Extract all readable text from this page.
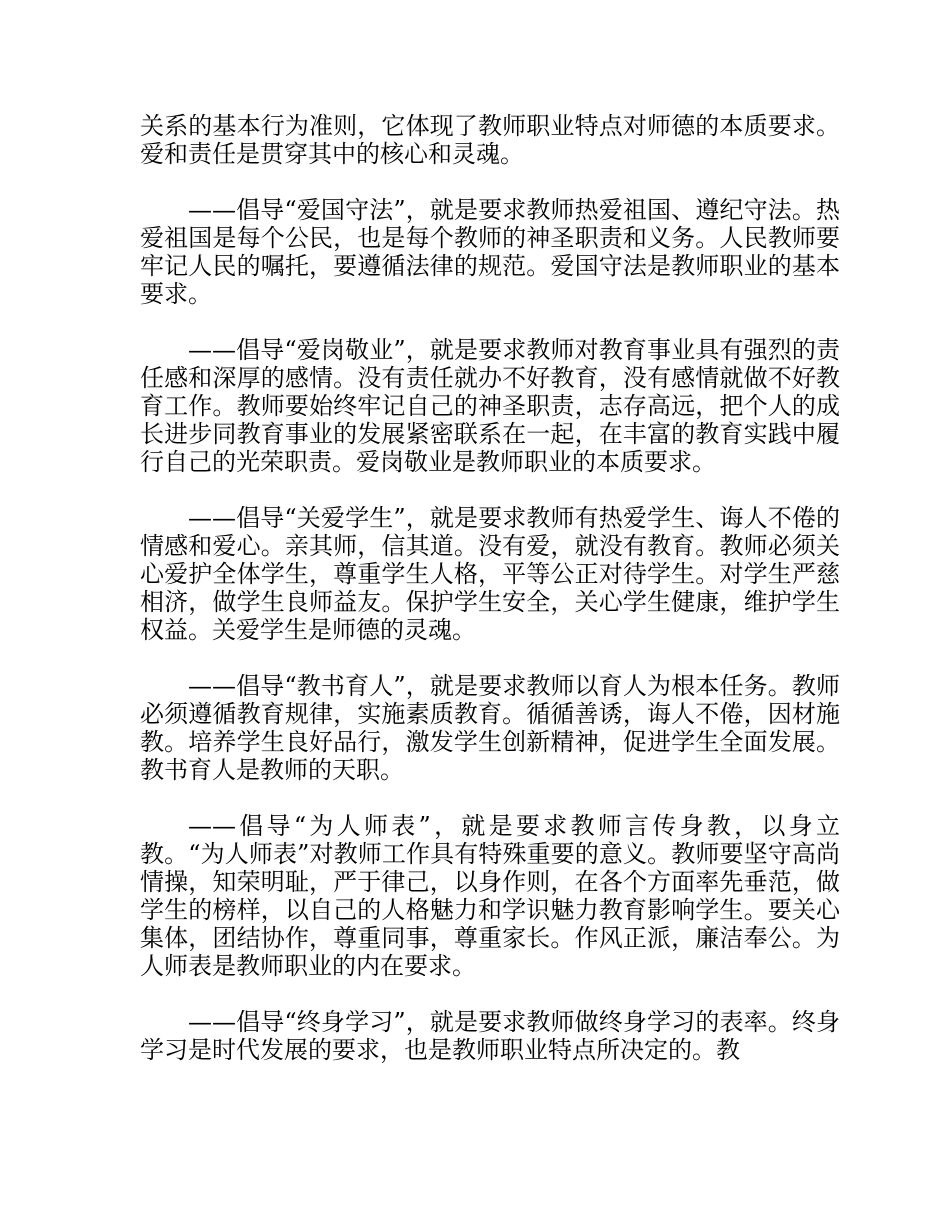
关系的基本行为准则，它体现了教师职业特点对师德的本质要求。爱和责任是贯穿其中的核心和灵魂。

——倡导“爱国守法”，就是要求教师热爱祖国、遵纪守法。热爱祖国是每个公民，也是每个教师的神圣职责和义务。人民教师要牢记人民的嘱托，要遵循法律的规范。爱国守法是教师职业的基本要求。

——倡导“爱岗敬业”，就是要求教师对教育事业具有强烈的责任感和深厚的感情。没有责任就办不好教育，没有感情就做不好教育工作。教师要始终牢记自己的神圣职责，志存高远，把个人的成长进步同教育事业的发展紧密联系在一起，在丰富的教育实践中履行自己的光荣职责。爱岗敬业是教师职业的本质要求。

——倡导“关爱学生”，就是要求教师有热爱学生、诲人不倦的情感和爱心。亲其师，信其道。没有爱，就没有教育。教师必须关心爱护全体学生，尊重学生人格，平等公正对待学生。对学生严慈相济，做学生良师益友。保护学生安全，关心学生健康，维护学生权益。关爱学生是师德的灵魂。

——倡导“教书育人”，就是要求教师以育人为根本任务。教师必须遵循教育规律，实施素质教育。循循善诱，诲人不倦，因材施教。培养学生良好品行，激发学生创新精神，促进学生全面发展。教书育人是教师的天职。

——倡导“为人师表”，就是要求教师言传身教，以身立教。“为人师表”对教师工作具有特殊重要的意义。教师要坚守高尚情操，知荣明耻，严于律己，以身作则，在各个方面率先垂范，做学生的榜样，以自己的人格魅力和学识魅力教育影响学生。要关心集体，团结协作，尊重同事，尊重家长。作风正派，廉洁奉公。为人师表是教师职业的内在要求。

——倡导“终身学习”，就是要求教师做终身学习的表率。终身学习是时代发展的要求，也是教师职业特点所决定的。教
